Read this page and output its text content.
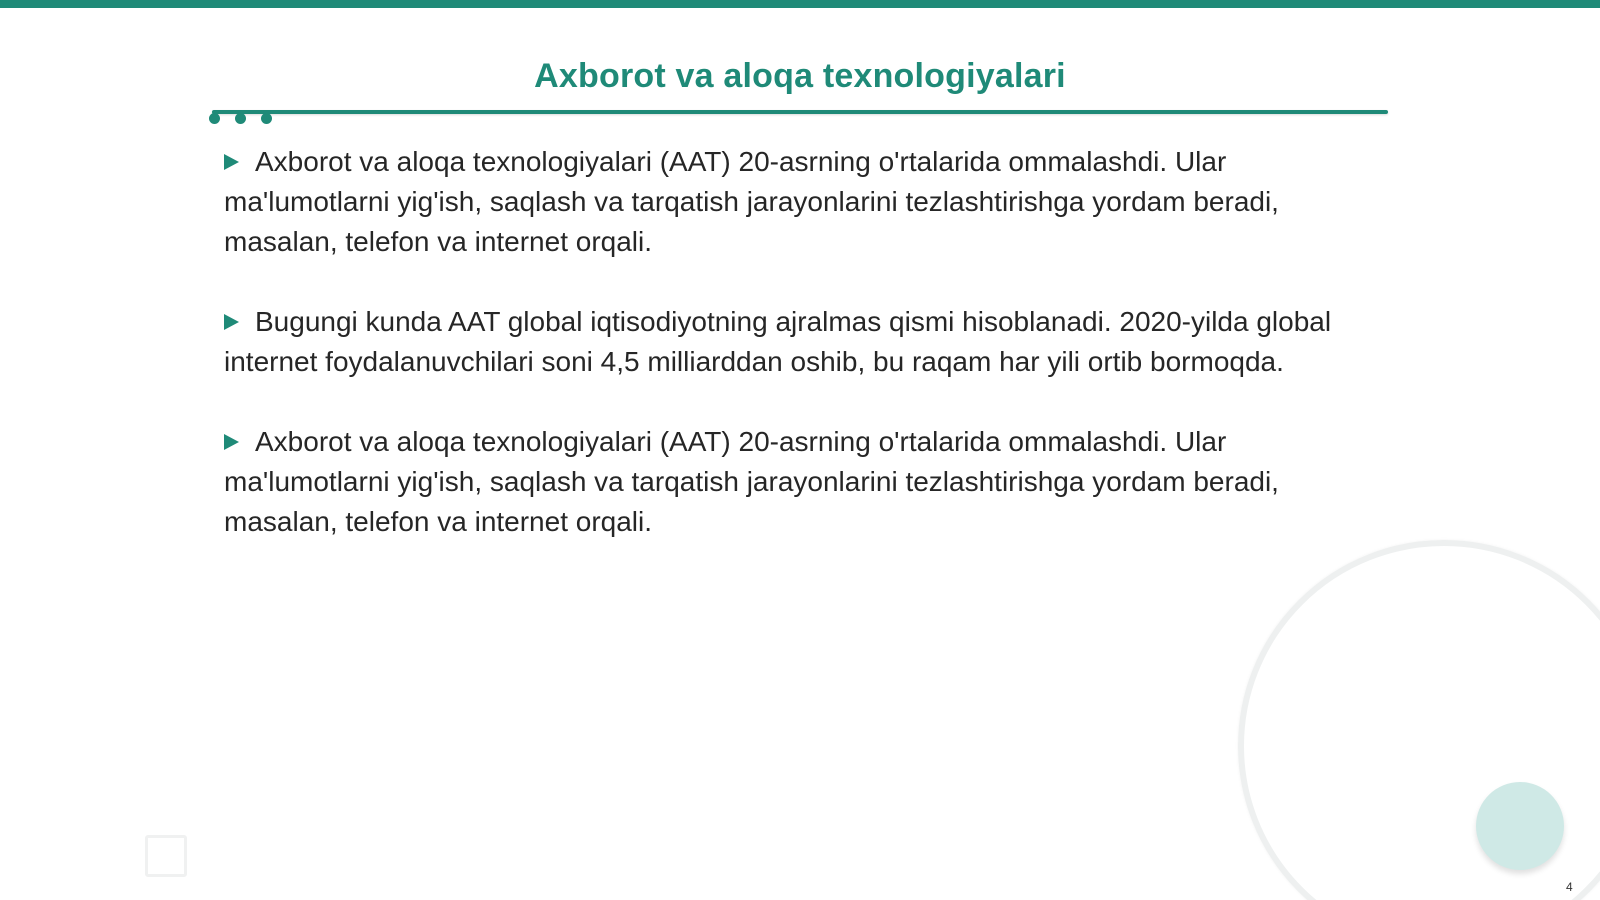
Axborot va aloqa texnologiyalari

Axborot va aloqa texnologiyalari (AAT) 20-asrning o'rtalarida ommalashdi. Ular ma'lumotlarni yig'ish, saqlash va tarqatish jarayonlarini tezlashtirishga yordam beradi, masalan, telefon va internet orqali.

Bugungi kunda AAT global iqtisodiyotning ajralmas qismi hisoblanadi. 2020-yilda global internet foydalanuvchilari soni 4,5 milliarddan oshib, bu raqam har yili ortib bormoqda.

Axborot va aloqa texnologiyalari (AAT) 20-asrning o'rtalarida ommalashdi. Ular ma'lumotlarni yig'ish, saqlash va tarqatish jarayonlarini tezlashtirishga yordam beradi, masalan, telefon va internet orqali.

4
